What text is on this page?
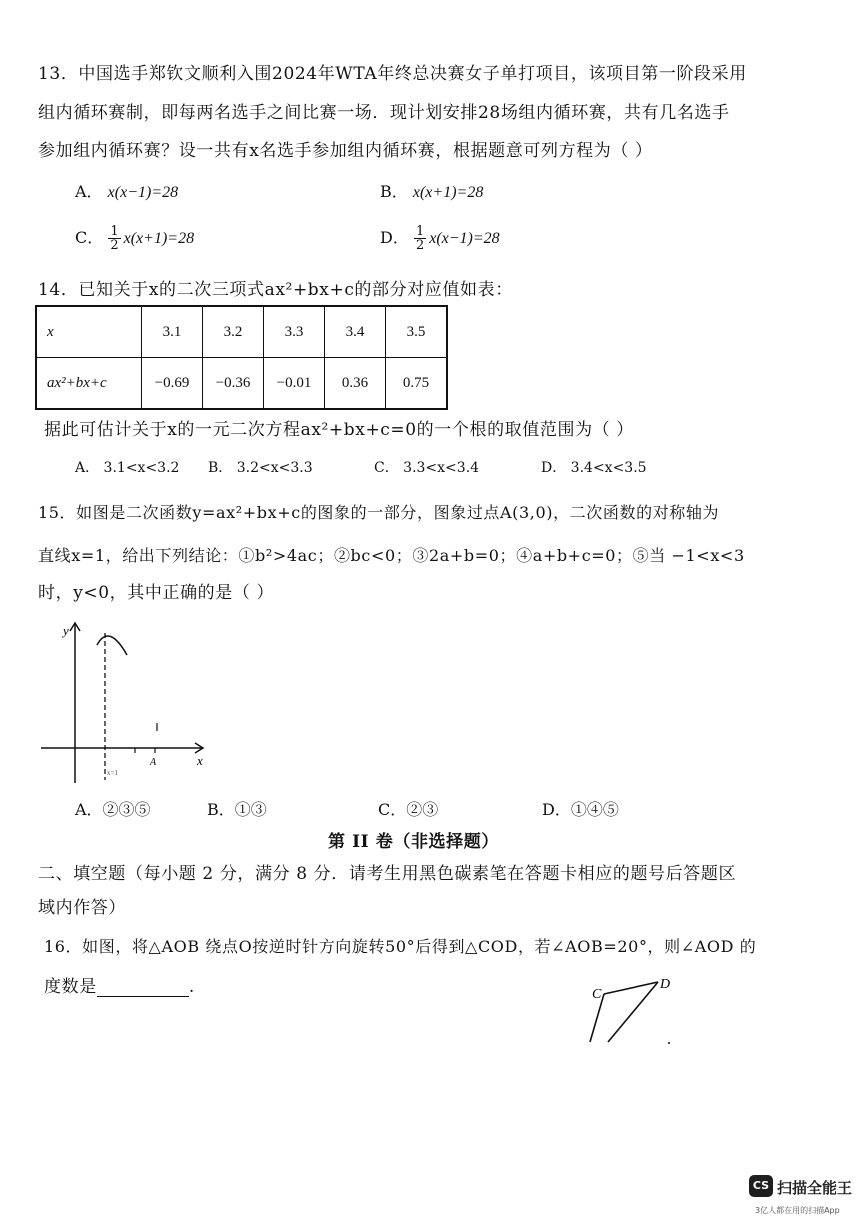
13．中国选手郑钦文顺利入围2024年WTA年终总决赛女子单打项目，该项目第一阶段采用
组内循环赛制，即每两名选手之间比赛一场．现计划安排28场组内循环赛，共有几名选手
参加组内循环赛？设一共有x名选手参加组内循环赛，根据题意可列方程为（ ）
A． x(x−1)=28	B． x(x+1)=28
C． $\frac{1}{2} x(x+1)=28$	D． $\frac{1}{2} x(x-1)=28$
14．已知关于x的二次三项式ax²+bx+c的部分对应值如表：
x	3.1	3.2	3.3	3.4	3.5
ax²+bx+c	−0.69	−0.36	−0.01	0.36	0.75
据此可估计关于x的一元二次方程ax²+bx+c=0的一个根的取值范围为（ ）
A． 3.1<x<3.2 B． 3.2<x<3.3	C． 3.3<x<3.4	D． 3.4<x<3.5
15．如图是二次函数y=ax²+bx+c的图象的一部分，图象过点A(3,0)，二次函数的对称轴为
直线x=1，给出下列结论：①b²>4ac；②bc<0；③2a+b=0；④a+b+c=0；⑤当 −1<x<3
时，y<0，其中正确的是（ ）
y
x
A
x=1
A．②③⑤	B．①③	C．②③	D．①④⑤
第 II 卷（非选择题）
二、填空题（每小题 2 分，满分 8 分．请考生用黑色碳素笔在答题卡相应的题号后答题区
域内作答）
16．如图，将△AOB 绕点O按逆时针方向旋转50°后得到△COD，若∠AOB=20°，则∠AOD 的
度数是	.	C
D
CS 扫描全能王
3亿人都在用的扫描App
